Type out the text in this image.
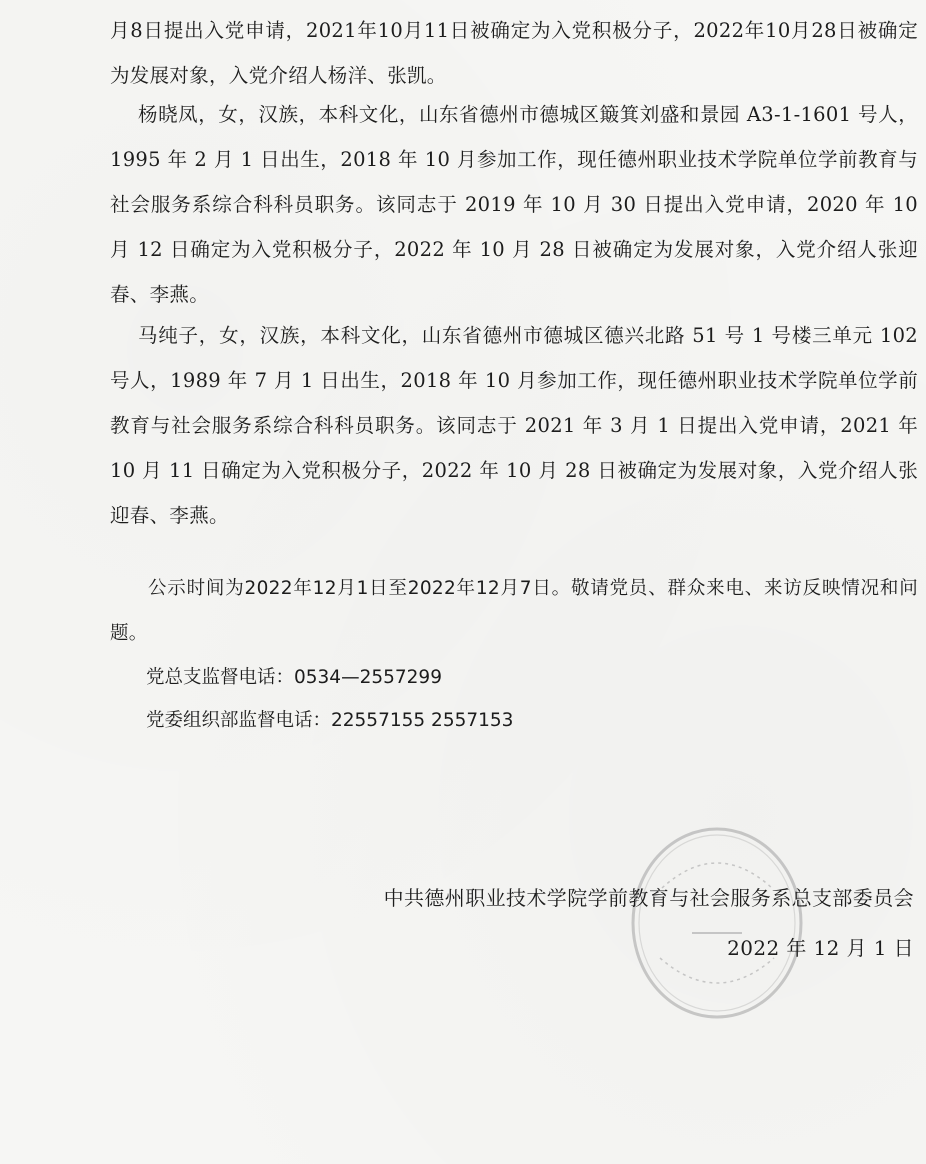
月8日提出入党申请，2021年10月11日被确定为入党积极分子，2022年10月28日被确定为发展对象，入党介绍人杨洋、张凯。

杨晓凤，女，汉族，本科文化，山东省德州市德城区簸箕刘盛和景园 A3-1-1601 号人，1995 年 2 月 1 日出生，2018 年 10 月参加工作，现任德州职业技术学院单位学前教育与社会服务系综合科科员职务。该同志于 2019 年 10 月 30 日提出入党申请，2020 年 10 月 12 日确定为入党积极分子，2022 年 10 月 28 日被确定为发展对象，入党介绍人张迎春、李燕。

马纯子，女，汉族，本科文化，山东省德州市德城区德兴北路 51 号 1 号楼三单元 102 号人，1989 年 7 月 1 日出生，2018 年 10 月参加工作，现任德州职业技术学院单位学前教育与社会服务系综合科科员职务。该同志于 2021 年 3 月 1 日提出入党申请，2021 年 10 月 11 日确定为入党积极分子，2022 年 10 月 28 日被确定为发展对象，入党介绍人张迎春、李燕。

公示时间为2022年12月1日至2022年12月7日。敬请党员、群众来电、来访反映情况和问题。

党总支监督电话：0534—2557299

党委组织部监督电话：22557155 2557153

中共德州职业技术学院学前教育与社会服务系总支部委员会

2022 年 12 月 1 日
